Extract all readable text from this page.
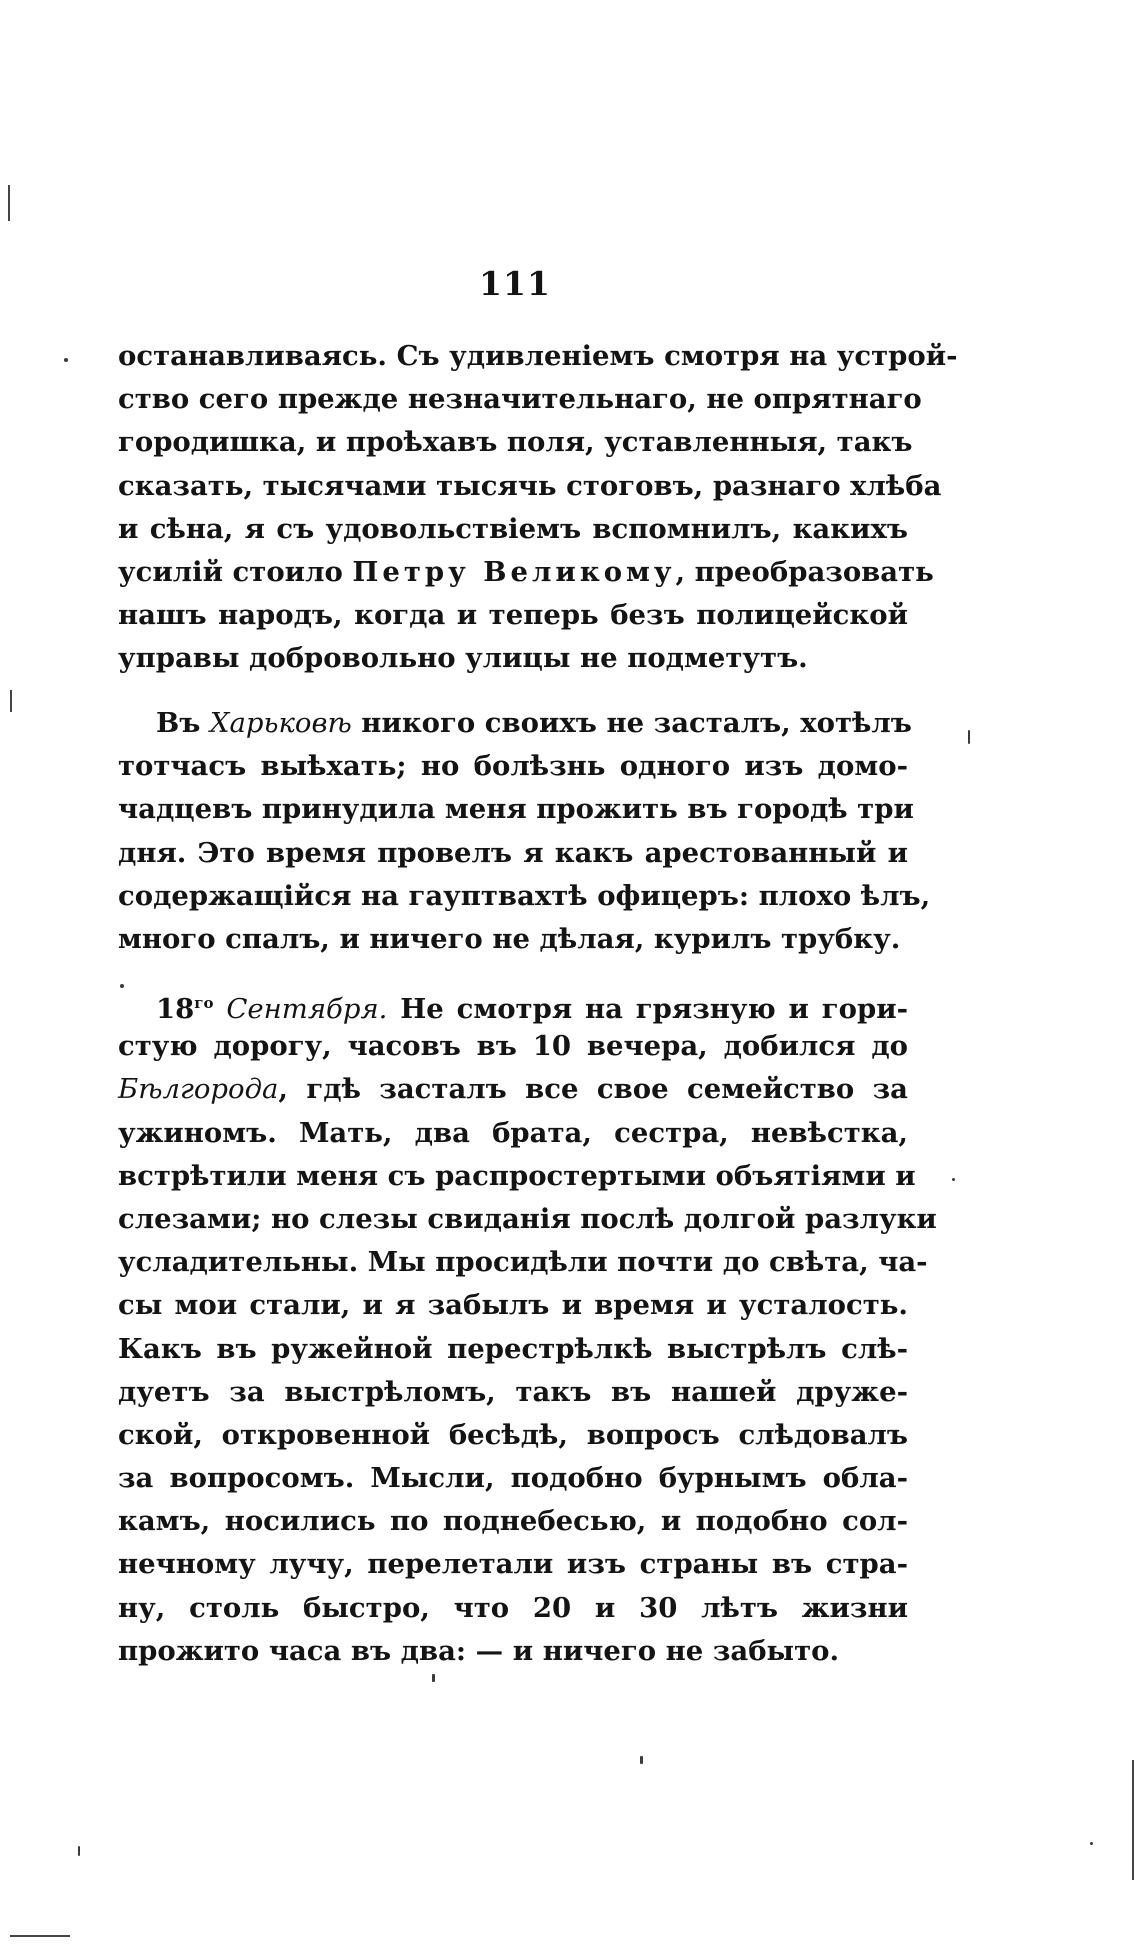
111
останавливаясь. Съ удивленіемъ смотря на устрой-
ство сего прежде незначительнаго, не опрятнаго
городишка, и проѣхавъ поля, уставленныя, такъ
сказать, тысячами тысячь стоговъ, разнаго хлѣба
и сѣна, я съ удовольствіемъ вспомнилъ, какихъ
усилій стоило Петру Великому, преобразовать
нашъ народъ, когда и теперь безъ полицейской
управы добровольно улицы не подметутъ.
Въ Харьковѣ никого своихъ не засталъ, хотѣлъ
тотчасъ выѣхать; но болѣзнь одного изъ домо-
чадцевъ принудила меня прожить въ городѣ три
дня. Это время провелъ я какъ арестованный и
содержащійся на гауптвахтѣ офицеръ: плохо ѣлъ,
много спалъ, и ничего не дѣлая, курилъ трубку.
$18^{го}$ Сентября. Не смотря на грязную и гори-
стую дорогу, часовъ въ 10 вечера, добился до
Бѣлгорода, гдѣ засталъ все свое семейство за
ужиномъ. Мать, два брата, сестра, невѣстка,
встрѣтили меня съ распростертыми объятіями и
слезами; но слезы свиданія послѣ долгой разлуки
усладительны. Мы просидѣли почти до свѣта, ча-
сы мои стали, и я забылъ и время и усталость.
Какъ въ ружейной перестрѣлкѣ выстрѣлъ слѣ-
дуетъ за выстрѣломъ, такъ въ нашей друже-
ской, откровенной бесѣдѣ, вопросъ слѣдовалъ
за вопросомъ. Мысли, подобно бурнымъ обла-
камъ, носились по поднебесью, и подобно сол-
нечному лучу, перелетали изъ страны въ стра-
ну, столь быстро, что 20 и 30 лѣтъ жизни
прожито часа въ два: — и ничего не забыто.
